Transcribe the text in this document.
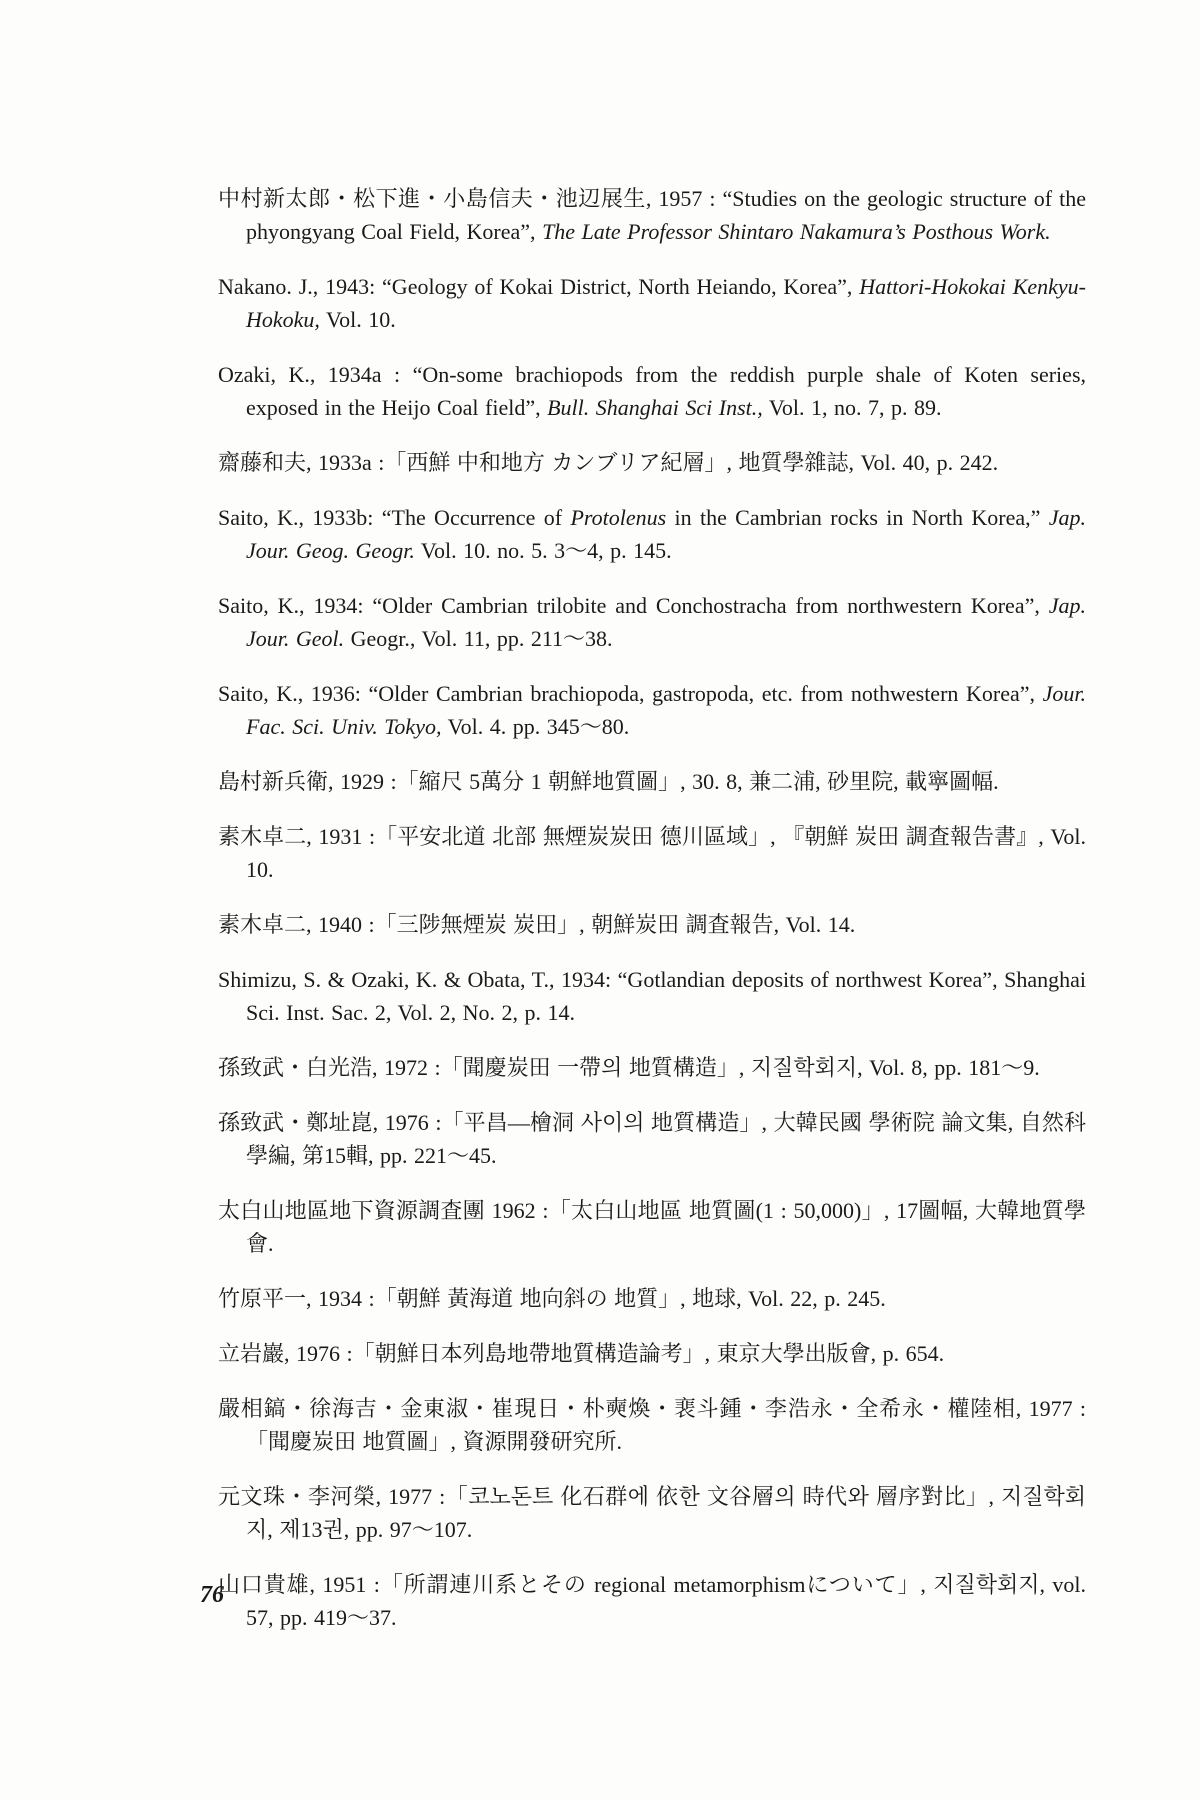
中村新太郎・松下進・小島信夫・池辺展生, 1957 : “Studies on the geologic structure of the phyongyang Coal Field, Korea”, The Late Professor Shintaro Nakamura’s Posthous Work.

Nakano. J., 1943: “Geology of Kokai District, North Heiando, Korea”, Hattori-Hokokai Kenkyu-Hokoku, Vol. 10.

Ozaki, K., 1934a : “On-some brachiopods from the reddish purple shale of Koten series, exposed in the Heijo Coal field”, Bull. Shanghai Sci Inst., Vol. 1, no. 7, p. 89.

齋藤和夫, 1933a :「西鮮 中和地方 カンブリア紀層」, 地質學雜誌, Vol. 40, p. 242.

Saito, K., 1933b: “The Occurrence of Protolenus in the Cambrian rocks in North Korea,” Jap. Jour. Geog. Geogr. Vol. 10. no. 5. 3～4, p. 145.

Saito, K., 1934: “Older Cambrian trilobite and Conchostracha from northwestern Korea”, Jap. Jour. Geol. Geogr., Vol. 11, pp. 211～38.

Saito, K., 1936: “Older Cambrian brachiopoda, gastropoda, etc. from nothwestern Korea”, Jour. Fac. Sci. Univ. Tokyo, Vol. 4. pp. 345～80.

島村新兵衛, 1929 :「縮尺 5萬分 1 朝鮮地質圖」, 30. 8, 兼二浦, 砂里院, 載寧圖幅.

素木卓二, 1931 :「平安北道 北部 無煙炭炭田 德川區域」, 『朝鮮 炭田 調査報告書』, Vol. 10.

素木卓二, 1940 :「三陟無煙炭 炭田」, 朝鮮炭田 調査報告, Vol. 14.

Shimizu, S. & Ozaki, K. & Obata, T., 1934: “Gotlandian deposits of northwest Korea”, Shanghai Sci. Inst. Sac. 2, Vol. 2, No. 2, p. 14.

孫致武・白光浩, 1972 :「聞慶炭田 一帶의 地質構造」, 지질학회지, Vol. 8, pp. 181～9.

孫致武・鄭址崑, 1976 :「平昌―檜洞 사이의 地質構造」, 大韓民國 學術院 論文集, 自然科學編, 第15輯, pp. 221～45.

太白山地區地下資源調査團 1962 :「太白山地區 地質圖(1 : 50,000)」, 17圖幅, 大韓地質學會.

竹原平一, 1934 :「朝鮮 黃海道 地向斜の 地質」, 地球, Vol. 22, p. 245.

立岩巖, 1976 :「朝鮮日本列島地帶地質構造論考」, 東京大學出版會, p. 654.

嚴相鎬・徐海吉・金東淑・崔現日・朴奭煥・裵斗鍾・李浩永・全希永・權陸相, 1977 :「聞慶炭田 地質圖」, 資源開發研究所.

元文珠・李河榮, 1977 :「코노돈트 化石群에 依한 文谷層의 時代와 層序對比」, 지질학회지, 제13권, pp. 97～107.

山口貴雄, 1951 :「所謂連川系とその regional metamorphismについて」, 지질학회지, vol. 57, pp. 419～37.

76
